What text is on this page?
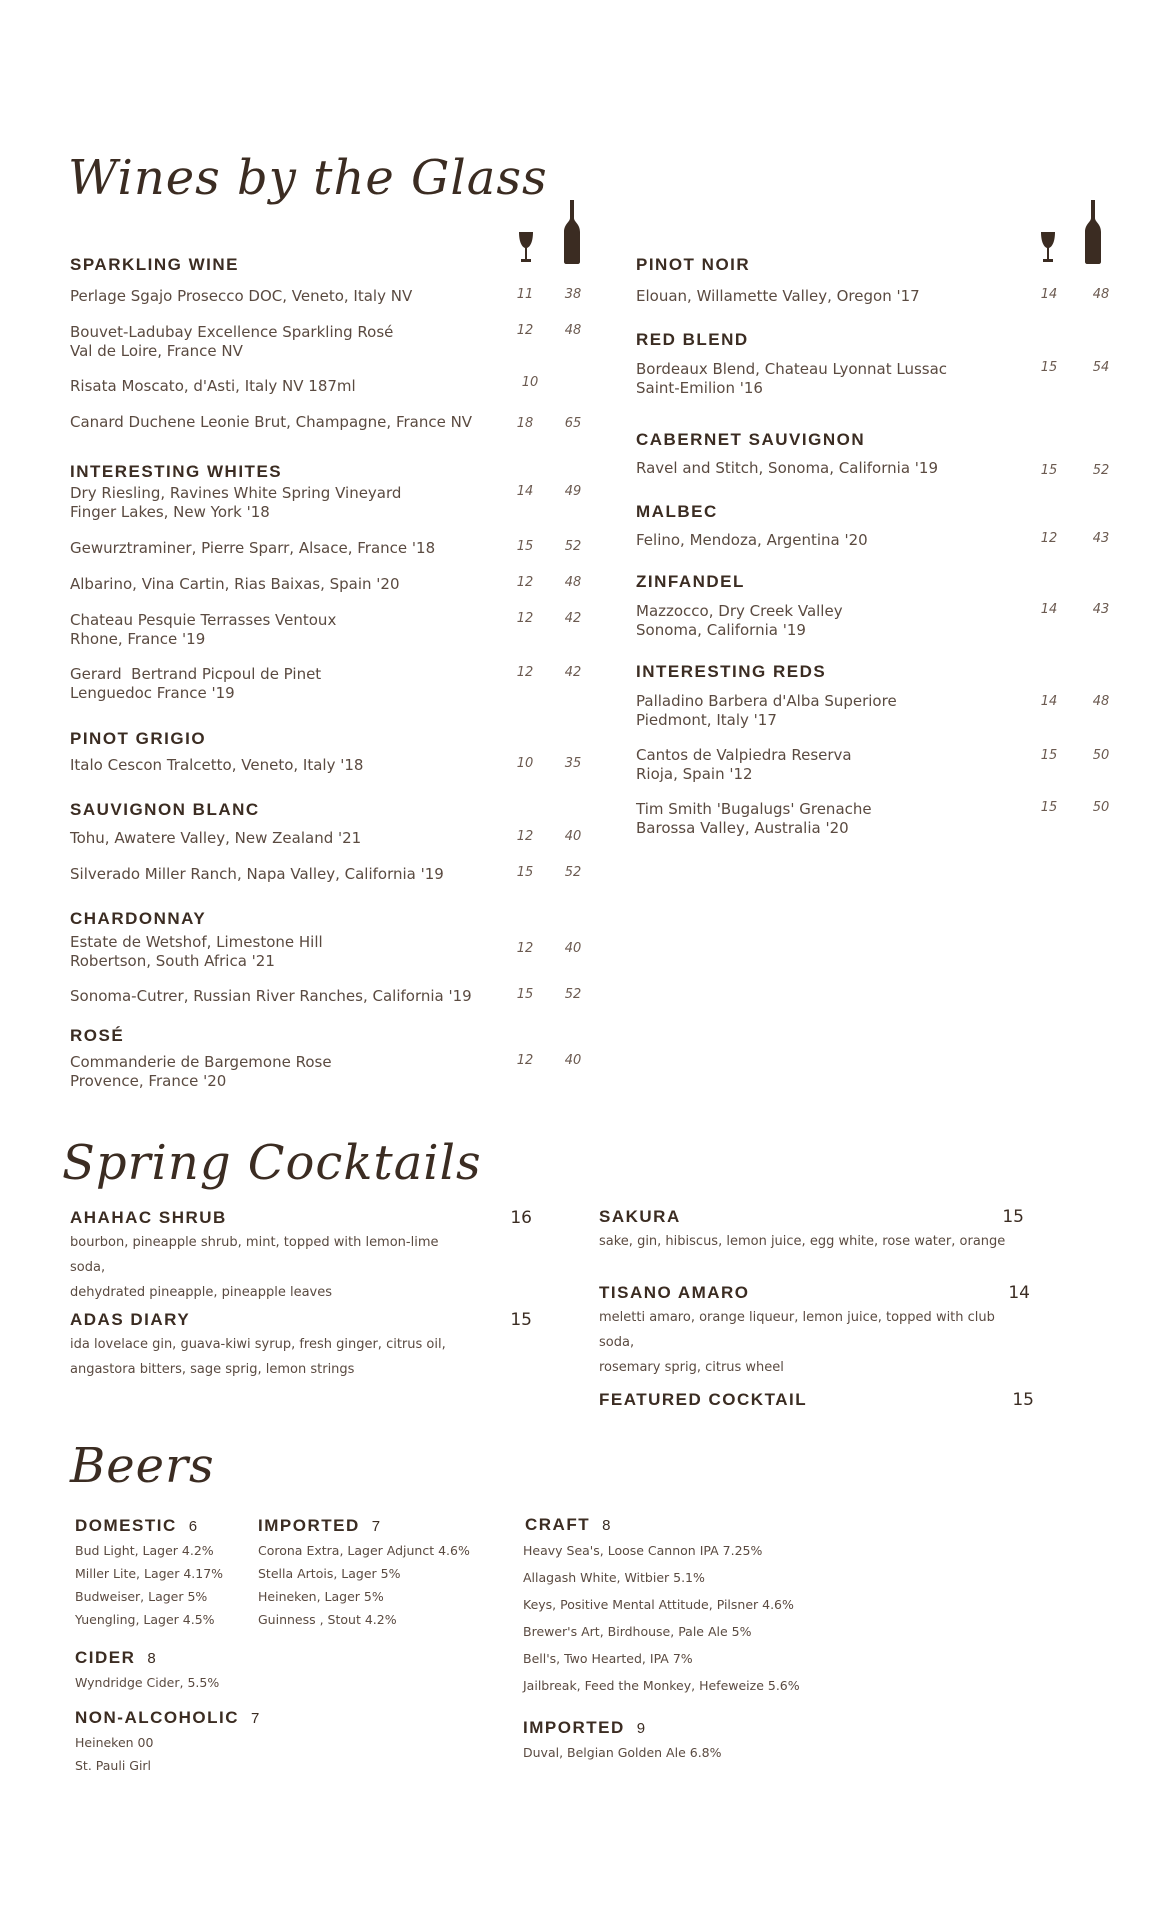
Wines by the Glass
SPARKLING WINE
Perlage Sgajo Prosecco DOC, Veneto, Italy NV	11	38
Bouvet-Ladubay Excellence Sparkling Rosé
Val de Loire, France NV
12	48
Risata Moscato, d'Asti, Italy NV 187ml	10
Canard Duchene Leonie Brut, Champagne, France NV	18	65
INTERESTING WHITES
Dry Riesling, Ravines White Spring Vineyard
Finger Lakes, New York '18
14	49
Gewurztraminer, Pierre Sparr, Alsace, France '18	15	52
Albarino, Vina Cartin, Rias Baixas, Spain '20	12	48
Chateau Pesquie Terrasses Ventoux
Rhone, France '19
12	42
Gerard  Bertrand Picpoul de Pinet
Lenguedoc France '19
12	42
PINOT GRIGIO
Italo Cescon Tralcetto, Veneto, Italy '18	10	35
SAUVIGNON BLANC
Tohu, Awatere Valley, New Zealand '21	12	40
Silverado Miller Ranch, Napa Valley, California '19	15	52
CHARDONNAY
Estate de Wetshof, Limestone Hill
Robertson, South Africa '21
12	40
Sonoma-Cutrer, Russian River Ranches, California '19	15	52
ROSÉ
Commanderie de Bargemone Rose
Provence, France '20
12	40
PINOT NOIR
Elouan, Willamette Valley, Oregon '17	14	48
RED BLEND
Bordeaux Blend, Chateau Lyonnat Lussac
Saint-Emilion '16
15	54
CABERNET SAUVIGNON
Ravel and Stitch, Sonoma, California '19	15	52
MALBEC
Felino, Mendoza, Argentina '20	12	43
ZINFANDEL
Mazzocco, Dry Creek Valley
Sonoma, California '19
14	43
INTERESTING REDS
Palladino Barbera d'Alba Superiore
Piedmont, Italy '17
14	48
Cantos de Valpiedra Reserva
Rioja, Spain '12
15	50
Tim Smith 'Bugalugs' Grenache
Barossa Valley, Australia '20
15	50
Spring Cocktails
AHAHAC SHRUB	16
bourbon, pineapple shrub, mint, topped with lemon-lime soda,
dehydrated pineapple, pineapple leaves
ADAS DIARY	15
ida lovelace gin, guava-kiwi syrup, fresh ginger, citrus oil,
angastora bitters, sage sprig, lemon strings
SAKURA	15
sake, gin, hibiscus, lemon juice, egg white, rose water, orange
TISANO AMARO	14
meletti amaro, orange liqueur, lemon juice, topped with club soda,
rosemary sprig, citrus wheel
FEATURED COCKTAIL	15
Beers
DOMESTIC 6
Bud Light, Lager 4.2%
Miller Lite, Lager 4.17%
Budweiser, Lager 5%
Yuengling, Lager 4.5%
IMPORTED 7
Corona Extra, Lager Adjunct 4.6%
Stella Artois, Lager 5%
Heineken, Lager 5%
Guinness , Stout 4.2%
CIDER 8
Wyndridge Cider, 5.5%
NON-ALCOHOLIC 7
Heineken 00
St. Pauli Girl
CRAFT 8
Heavy Sea's, Loose Cannon IPA 7.25%
Allagash White, Witbier 5.1%
Keys, Positive Mental Attitude, Pilsner 4.6%
Brewer's Art, Birdhouse, Pale Ale 5%
Bell's, Two Hearted, IPA 7%
Jailbreak, Feed the Monkey, Hefeweize 5.6%
IMPORTED 9
Duval, Belgian Golden Ale 6.8%
